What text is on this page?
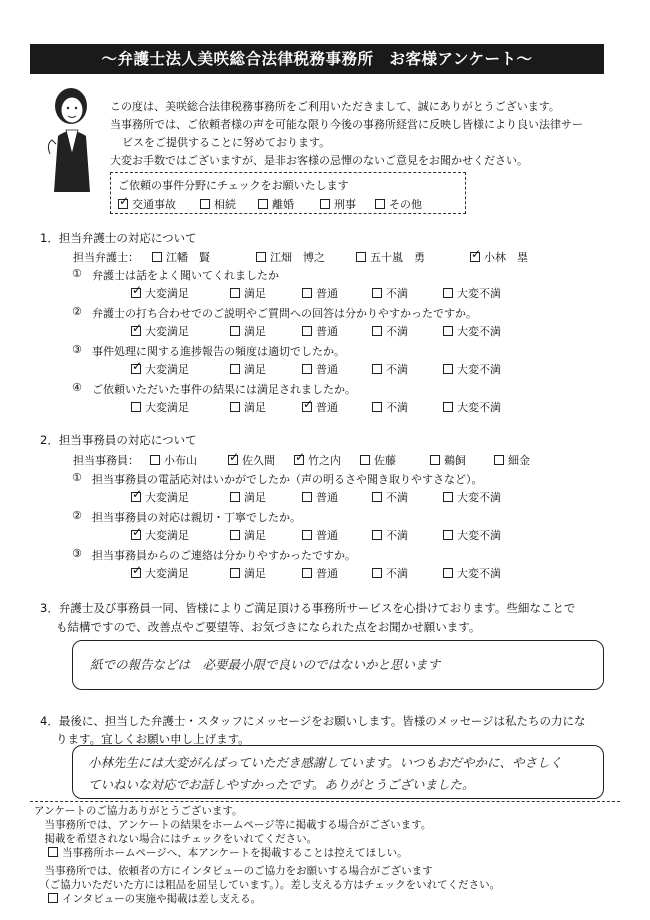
～弁護士法人美咲総合法律税務事務所　お客様アンケート～
この度は、美咲総合法律税務事務所をご利用いただきまして、誠にありがとうございます。
当事務所では、ご依頼者様の声を可能な限り今後の事務所経営に反映し皆様により良い法律サー
ビスをご提供することに努めております。
大変お手数ではございますが、是非お客様の忌憚のないご意見をお聞かせください。
ご依頼の事件分野にチェックをお願いたします
✓交通事故	相続	離婚	刑事	その他
1．担当弁護士の対応について
担当弁護士：	江幡　賢	江畑　博之	五十嵐　勇 ✓	小林　塁
① 弁護士は話をよく聞いてくれましたか
✓大変満足	満足	普通	不満	大変不満
② 弁護士の打ち合わせでのご説明やご質問への回答は分かりやすかったですか。
✓大変満足	満足	普通	不満	大変不満
③ 事件処理に関する進捗報告の頻度は適切でしたか。
✓大変満足	満足	普通	不満	大変不満
④ ご依頼いただいた事件の結果には満足されましたか。
大変満足	満足 ✓	普通	不満	大変不満
2．担当事務員の対応について
担当事務員：	小布山 ✓	佐久間 ✓	竹之内	佐藤	鵜飼	細金
① 担当事務員の電話応対はいかがでしたか（声の明るさや聞き取りやすさなど）。
✓大変満足	満足	普通	不満	大変不満
② 担当事務員の対応は親切・丁寧でしたか。
✓大変満足	満足	普通	不満	大変不満
③ 担当事務員からのご連絡は分かりやすかったですか。
✓大変満足	満足	普通	不満	大変不満
3．弁護士及び事務員一同、皆様によりご満足頂ける事務所サービスを心掛けております。些細なことで
も結構ですので、改善点やご要望等、お気づきになられた点をお聞かせ願います。
紙での報告などは　必要最小限で良いのではないかと思います
4．最後に、担当した弁護士・スタッフにメッセージをお願いします。皆様のメッセージは私たちの力にな
ります。宜しくお願い申し上げます。
小林先生には大変がんばっていただき感謝しています。いつもおだやかに、やさしく
ていねいな対応でお話しやすかったです。ありがとうございました。
アンケートのご協力ありがとうございます。
　当事務所では、アンケートの結果をホームページ等に掲載する場合がございます。
　掲載を希望されない場合にはチェックをいれてください。
当事務所ホームページへ、本アンケートを掲載することは控えてほしい。
　当事務所では、依頼者の方にインタビューのご協力をお願いする場合がございます
　（ご協力いただいた方には粗品を屈呈しています。）。差し支える方はチェックをいれてください。
インタビューの実施や掲載は差し支える。
